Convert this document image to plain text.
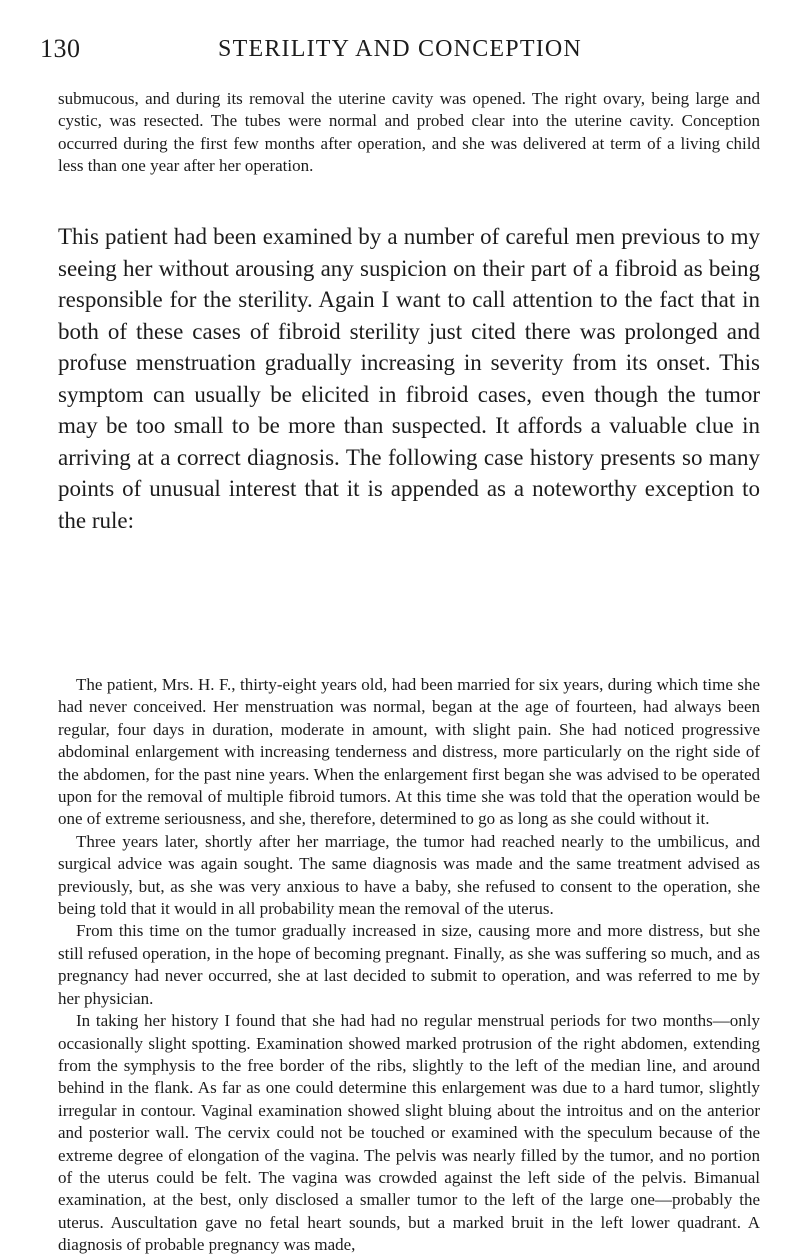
130	STERILITY AND CONCEPTION

submucous, and during its removal the uterine cavity was opened. The right ovary, being large and cystic, was resected. The tubes were normal and probed clear into the uterine cavity. Conception occurred during the first few months after operation, and she was delivered at term of a living child less than one year after her operation.

This patient had been examined by a number of careful men previous to my seeing her without arousing any suspicion on their part of a fibroid as being responsible for the sterility. Again I want to call attention to the fact that in both of these cases of fibroid sterility just cited there was prolonged and profuse menstruation gradually increasing in severity from its onset. This symptom can usually be elicited in fibroid cases, even though the tumor may be too small to be more than suspected. It affords a valuable clue in arriving at a correct diagnosis. The following case history presents so many points of unusual interest that it is appended as a noteworthy exception to the rule:

The patient, Mrs. H. F., thirty-eight years old, had been married for six years, during which time she had never conceived. Her menstruation was normal, began at the age of fourteen, had always been regular, four days in duration, moderate in amount, with slight pain. She had noticed progressive abdominal enlargement with increasing tenderness and distress, more particularly on the right side of the abdomen, for the past nine years. When the enlargement first began she was advised to be operated upon for the removal of multiple fibroid tumors. At this time she was told that the operation would be one of extreme seriousness, and she, therefore, determined to go as long as she could without it.

Three years later, shortly after her marriage, the tumor had reached nearly to the umbilicus, and surgical advice was again sought. The same diagnosis was made and the same treatment advised as previously, but, as she was very anxious to have a baby, she refused to consent to the operation, she being told that it would in all probability mean the removal of the uterus.

From this time on the tumor gradually increased in size, causing more and more distress, but she still refused operation, in the hope of becoming pregnant. Finally, as she was suffering so much, and as pregnancy had never occurred, she at last decided to submit to operation, and was referred to me by her physician.

In taking her history I found that she had had no regular menstrual periods for two months—only occasionally slight spotting. Examination showed marked protrusion of the right abdomen, extending from the symphysis to the free border of the ribs, slightly to the left of the median line, and around behind in the flank. As far as one could determine this enlargement was due to a hard tumor, slightly irregular in contour. Vaginal examination showed slight bluing about the introitus and on the anterior and posterior wall. The cervix could not be touched or examined with the speculum because of the extreme degree of elongation of the vagina. The pelvis was nearly filled by the tumor, and no portion of the uterus could be felt. The vagina was crowded against the left side of the pelvis. Bimanual examination, at the best, only disclosed a smaller tumor to the left of the large one—probably the uterus. Auscultation gave no fetal heart sounds, but a marked bruit in the left lower quadrant. A diagnosis of probable pregnancy was made,
